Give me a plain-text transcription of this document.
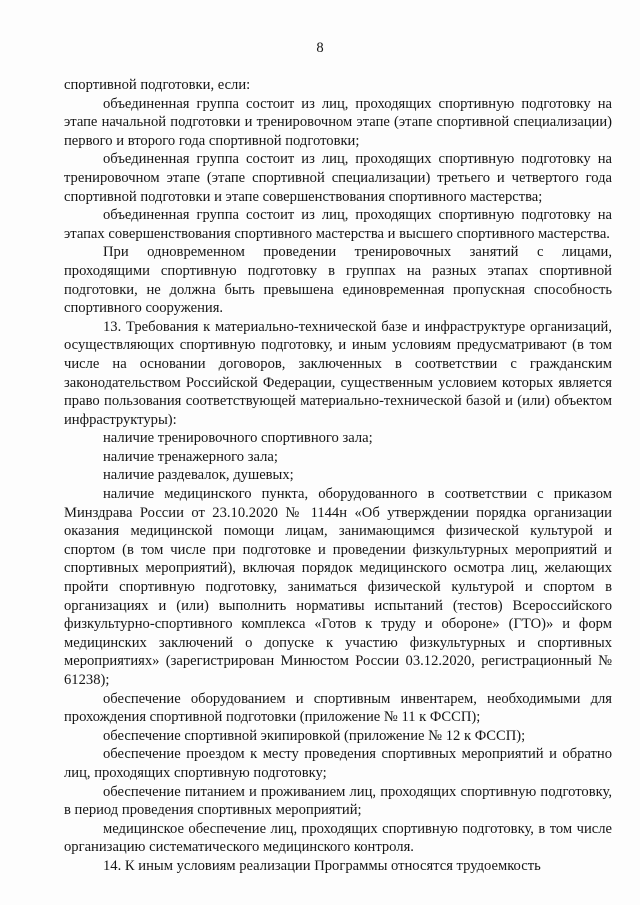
8

спортивной подготовки, если:

объединенная группа состоит из лиц, проходящих спортивную подготовку на этапе начальной подготовки и тренировочном этапе (этапе спортивной специализации) первого и второго года спортивной подготовки;

объединенная группа состоит из лиц, проходящих спортивную подготовку на тренировочном этапе (этапе спортивной специализации) третьего и четвертого года спортивной подготовки и этапе совершенствования спортивного мастерства;

объединенная группа состоит из лиц, проходящих спортивную подготовку на этапах совершенствования спортивного мастерства и высшего спортивного мастерства.

При одновременном проведении тренировочных занятий с лицами, проходящими спортивную подготовку в группах на разных этапах спортивной подготовки, не должна быть превышена единовременная пропускная способность спортивного сооружения.

13. Требования к материально-технической базе и инфраструктуре организаций, осуществляющих спортивную подготовку, и иным условиям предусматривают (в том числе на основании договоров, заключенных в соответствии с гражданским законодательством Российской Федерации, существенным условием которых является право пользования соответствующей материально-технической базой и (или) объектом инфраструктуры):

наличие тренировочного спортивного зала;

наличие тренажерного зала;

наличие раздевалок, душевых;

наличие медицинского пункта, оборудованного в соответствии с приказом Минздрава России от 23.10.2020 № 1144н «Об утверждении порядка организации оказания медицинской помощи лицам, занимающимся физической культурой и спортом (в том числе при подготовке и проведении физкультурных мероприятий и спортивных мероприятий), включая порядок медицинского осмотра лиц, желающих пройти спортивную подготовку, заниматься физической культурой и спортом в организациях и (или) выполнить нормативы испытаний (тестов) Всероссийского физкультурно-спортивного комплекса «Готов к труду и обороне» (ГТО)» и форм медицинских заключений о допуске к участию физкультурных и спортивных мероприятиях» (зарегистрирован Минюстом России 03.12.2020, регистрационный № 61238);

обеспечение оборудованием и спортивным инвентарем, необходимыми для прохождения спортивной подготовки (приложение № 11 к ФССП);

обеспечение спортивной экипировкой (приложение № 12 к ФССП);

обеспечение проездом к месту проведения спортивных мероприятий и обратно лиц, проходящих спортивную подготовку;

обеспечение питанием и проживанием лиц, проходящих спортивную подготовку, в период проведения спортивных мероприятий;

медицинское обеспечение лиц, проходящих спортивную подготовку, в том числе организацию систематического медицинского контроля.

14. К иным условиям реализации Программы относятся трудоемкость
